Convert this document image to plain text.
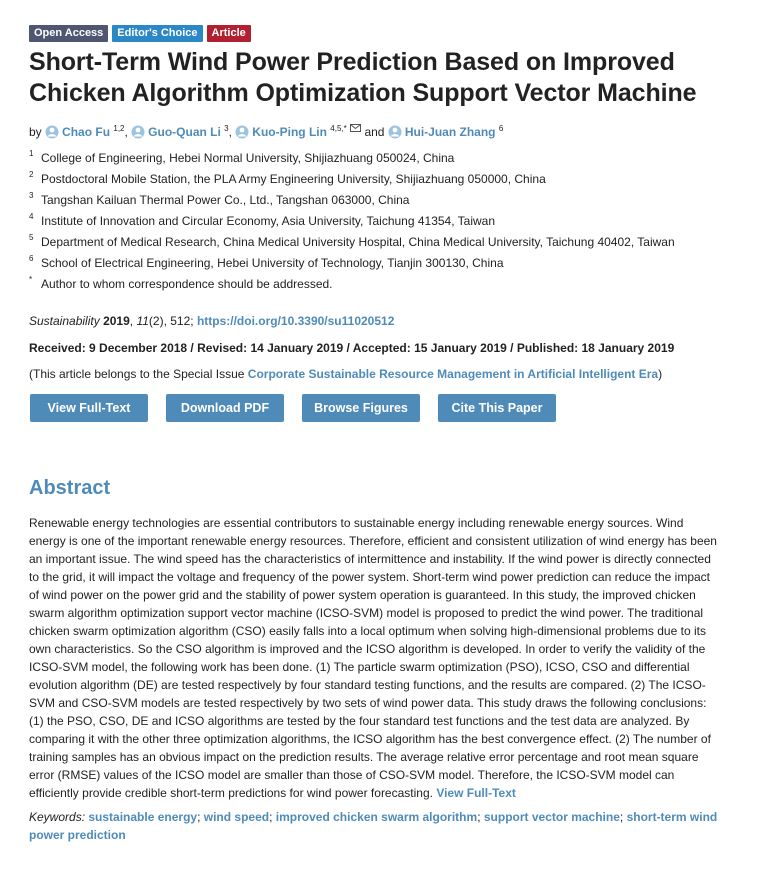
Open Access	Editor's Choice	Article
Short-Term Wind Power Prediction Based on Improved Chicken Algorithm Optimization Support Vector Machine
by Chao Fu $^{1,2}$, Guo-Quan Li $^3$, Kuo-Ping Lin $^{4,5,*}$ and Hui-Juan Zhang $^6$
1 College of Engineering, Hebei Normal University, Shijiazhuang 050024, China
2 Postdoctoral Mobile Station, the PLA Army Engineering University, Shijiazhuang 050000, China
3 Tangshan Kailuan Thermal Power Co., Ltd., Tangshan 063000, China
4 Institute of Innovation and Circular Economy, Asia University, Taichung 41354, Taiwan
5 Department of Medical Research, China Medical University Hospital, China Medical University, Taichung 40402, Taiwan
6 School of Electrical Engineering, Hebei University of Technology, Tianjin 300130, China
* Author to whom correspondence should be addressed.
Sustainability 2019, 11(2), 512; https://doi.org/10.3390/su11020512
Received: 9 December 2018 / Revised: 14 January 2019 / Accepted: 15 January 2019 / Published: 18 January 2019
(This article belongs to the Special Issue Corporate Sustainable Resource Management in Artificial Intelligent Era)
View Full-Text	Download PDF	Browse Figures	Cite This Paper
Abstract
Renewable energy technologies are essential contributors to sustainable energy including renewable energy sources. Wind energy is one of the important renewable energy resources. Therefore, efficient and consistent utilization of wind energy has been an important issue. The wind speed has the characteristics of intermittence and instability. If the wind power is directly connected to the grid, it will impact the voltage and frequency of the power system. Short-term wind power prediction can reduce the impact of wind power on the power grid and the stability of power system operation is guaranteed. In this study, the improved chicken swarm algorithm optimization support vector machine (ICSO-SVM) model is proposed to predict the wind power. The traditional chicken swarm optimization algorithm (CSO) easily falls into a local optimum when solving high-dimensional problems due to its own characteristics. So the CSO algorithm is improved and the ICSO algorithm is developed. In order to verify the validity of the ICSO-SVM model, the following work has been done. (1) The particle swarm optimization (PSO), ICSO, CSO and differential evolution algorithm (DE) are tested respectively by four standard testing functions, and the results are compared. (2) The ICSO-SVM and CSO-SVM models are tested respectively by two sets of wind power data. This study draws the following conclusions: (1) the PSO, CSO, DE and ICSO algorithms are tested by the four standard test functions and the test data are analyzed. By comparing it with the other three optimization algorithms, the ICSO algorithm has the best convergence effect. (2) The number of training samples has an obvious impact on the prediction results. The average relative error percentage and root mean square error (RMSE) values of the ICSO model are smaller than those of CSO-SVM model. Therefore, the ICSO-SVM model can efficiently provide credible short-term predictions for wind power forecasting. View Full-Text
Keywords: sustainable energy; wind speed; improved chicken swarm algorithm; support vector machine; short-term wind power prediction
